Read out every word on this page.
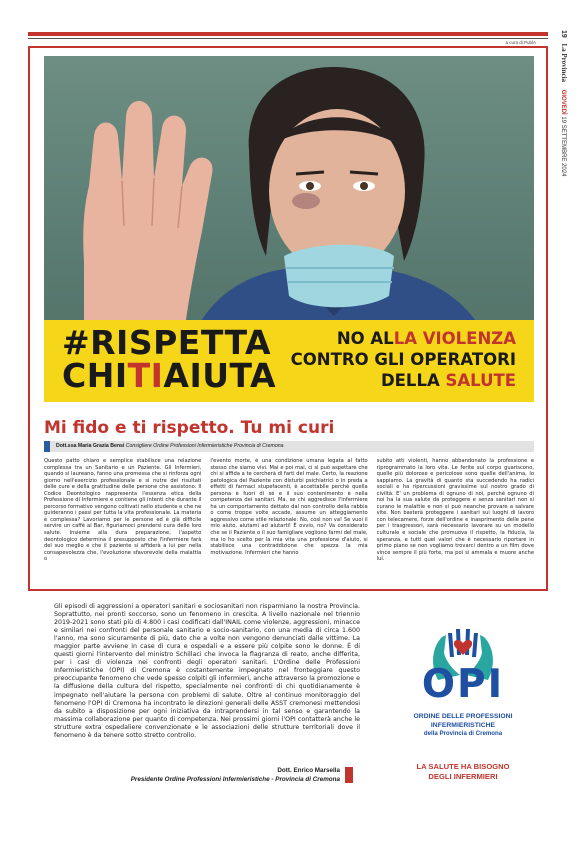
a cura di PublA
19 La Provincia GIOVEDÌ 19 SETTEMBRE 2024
#RISPETTA
CHITIAIUTA
NO ALLA VIOLENZA
CONTRO GLI OPERATORI
DELLA SALUTE
Mi fido e ti rispetto. Tu mi curi
Dott.ssa Maria Grazia Bensi Consigliere Ordine Professioni Infermieristiche Provincia di Cremona
Questo patto chiaro e semplice stabilisce una relazione complessa tra un Sanitario e un Paziente. Gli Infermieri, quando si laureano, fanno una promessa che si rinforza ogni giorno nell'esercizio professionale e si nutre dei risultati delle cure e della gratitudine delle persone che assistono. Il Codice Deontologico rappresenta l'essenza etica della Professione di Infermiere e contiene gli intenti che durante il percorso formativo vengono coltivati nello studente e che ne guideranno i passi per tutta la vita professionale. La materia è complessa? Lavoriamo per le persone ed è già difficile servire un caffè al Bar, figuriamoci prendersi cura delle loro salute. Insieme alla dura preparazione, l'aspetto deontologico determina il presupposto che l'infermiere farà del suo meglio e che il paziente si affiderà a lui per nella consapevolezza che, l'evoluzione sfavorevole della malattia o
l'evento morte, è una condizione umana legata al fatto stesso che siamo vivi. Mai e poi mai, ci si può aspettare che chi si affida a te cercherà di farti del male. Certo, la reazione patologica del Paziente con disturbi psichiatrici o in preda a effetti di farmaci stupefacenti, è accettabile perché quella persona è fuori di sé e il suo contenimento è nella competenza dei sanitari. Ma, se chi aggredisce l'infermiere ha un comportamento dettato dal non controllo della rabbia o come troppe volte accade, assume un atteggiamento aggressivo come stile relazionale: No, così non va! Se vuoi il mio aiuto, aiutami ad aiutarti! È ovvio, no? Va considerato che se il Paziente o il suo famigliare vogliono farmi del male, ma io ho scelto per la mia vita una professione d'aiuto, si stabilisce una contraddizione che spezza la mia motivazione. Infermieri che hanno
subito atti violenti, hanno abbandonato la professione e riprogrammato la loro vita. Le ferite sul corpo guariscono, quelle più dolorose e pericolose sono quelle dell'anima, lo sappiamo. La gravità di quanto sta succedendo ha radici sociali e ha ripercussioni gravissime sul nostro grado di civiltà. E' un problema di ognuno di noi, perché ognuno di noi ha la sua salute da proteggere e senza sanitari non si curano le malattie e non si può neanche provare a salvare vite. Non basterà proteggere i sanitari sui luoghi di lavoro con telecamere, forze dell'ordine e inasprimento delle pene per i trasgressori, sarà necessario lavorare su un modello culturale e sociale che promuova il rispetto, la fiducia, la speranza, e tutti quei valori che è necessario riportare in primo piano se non vogliamo trovarci dentro a un film dove vince sempre il più forte, ma poi si ammala e muore anche lui.
Gli episodi di aggressioni a operatori sanitari e sociosanitari non risparmiano la nostra Provincia. Soprattutto, nei pronti soccorso, sono un fenomeno in crescita. A livello nazionale nel triennio 2019-2021 sono stati più di 4.800 i casi codificati dall'INAIL come violenze, aggressioni, minacce e similari nei confronti del personale sanitario e socio-sanitario, con una media di circa 1.600 l'anno, ma sono sicuramente di più, dato che a volte non vengono denunciati dalle vittime. La maggior parte avviene in case di cura e ospedali e a essere più colpite sono le donne. È di questi giorni l'intervento del ministro Schillaci che invoca la flagranza di reato, anche differita, per i casi di violenza nei confronti degli operatori sanitari. L'Ordine delle Professioni Infermieristiche (OPI) di Cremona è costantemente impegnato nel fronteggiare questo preoccupante fenomeno che vede spesso colpiti gli infermieri, anche attraverso la promozione e la diffusione della cultura del rispetto, specialmente nei confronti di chi quotidianamente è impegnato nell'aiutare la persona con problemi di salute. Oltre al continuo monitoraggio del fenomeno l'OPI di Cremona ha incontrato le direzioni generali delle ASST cremonesi mettendosi da subito a disposizione per ogni iniziativa da intraprendersi in tal senso e garantendo la massima collaborazione per quanto di competenza. Nei prossimi giorni l'OPI contatterà anche le strutture extra ospedaliere convenzionate e le associazioni delle strutture territoriali dove il fenomeno è da tenere sotto stretto controllo.
Dott. Enrico Marsella
Presidente Ordine Professioni Infermieristiche - Provincia di Cremona
OPI
ORDINE DELLE PROFESSIONI
INFERMIERISTICHE
della Provincia di Cremona
LA SALUTE HA BISOGNO
DEGLI INFERMIERI
